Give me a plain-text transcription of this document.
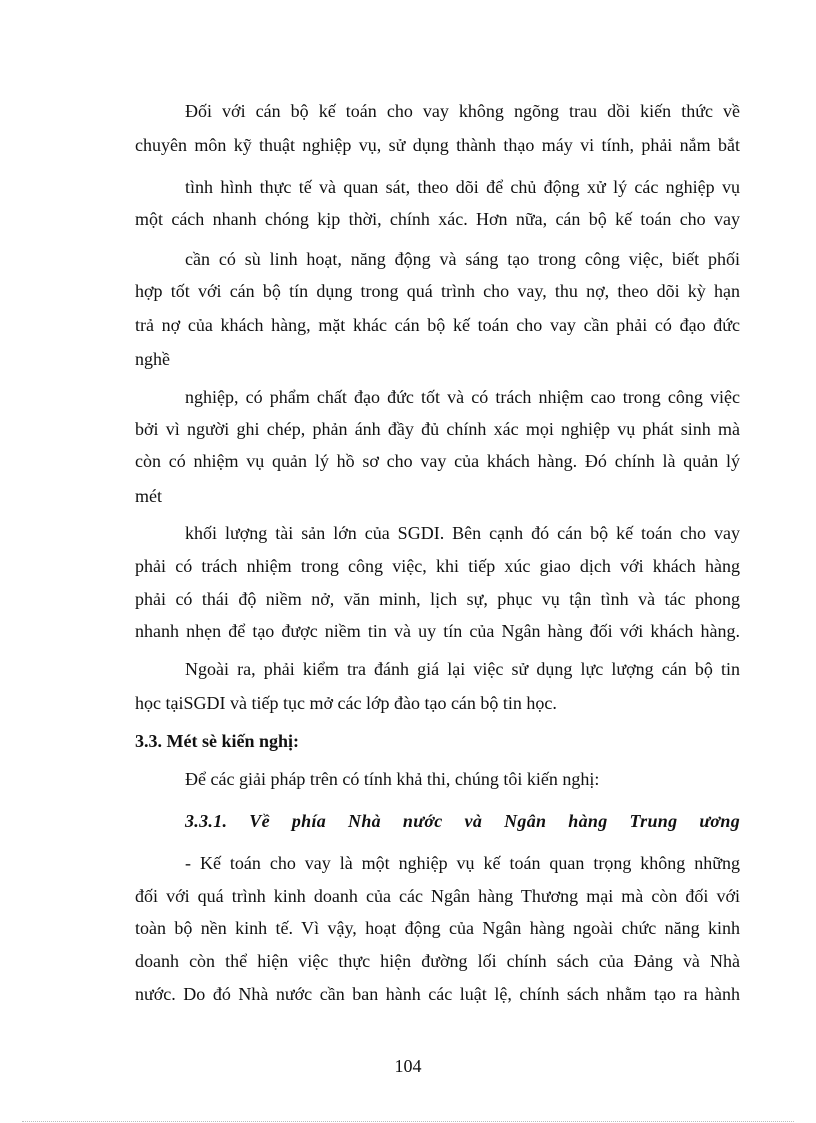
Đối với cán bộ kế toán cho vay không ngõng trau dồi kiến thức về
chuyên môn kỹ thuật nghiệp vụ, sử dụng thành thạo máy vi tính, phải nắm bắt
tình hình thực tế và quan sát, theo dõi để chủ động xử lý các nghiệp vụ
một cách nhanh chóng kịp thời, chính xác. Hơn nữa, cán bộ kế toán cho vay
cần có sù linh hoạt, năng động và sáng tạo trong công việc, biết phối
hợp tốt với cán bộ tín dụng trong quá trình cho vay, thu nợ, theo dõi kỳ hạn
trả nợ của khách hàng, mặt khác cán bộ kế toán cho vay cần phải có đạo đức
nghề
nghiệp, có phẩm chất đạo đức tốt và có trách nhiệm cao trong công việc
bởi vì người ghi chép, phản ánh đầy đủ chính xác mọi nghiệp vụ phát sinh mà
còn có nhiệm vụ quản lý hồ sơ cho vay của khách hàng. Đó chính là quản lý
mét
khối lượng tài sản lớn của SGDI. Bên cạnh đó cán bộ kế toán cho vay
phải có trách nhiệm trong công việc, khi tiếp xúc giao dịch với khách hàng
phải có thái độ niềm nở, văn minh, lịch sự, phục vụ tận tình và tác phong
nhanh nhẹn để tạo được niềm tin và uy tín của Ngân hàng đối với khách hàng.
Ngoài ra, phải kiểm tra đánh giá lại việc sử dụng lực lượng cán bộ tin
học tạiSGDI và tiếp tục mở các lớp đào tạo cán bộ tin học.
3.3. Mét sè kiến nghị:
Để các giải pháp trên có tính khả thi, chúng tôi kiến nghị:
3.3.1. Về phía Nhà nước và Ngân hàng Trung ương
- Kế toán cho vay là một nghiệp vụ kế toán quan trọng không những
đối với quá trình kinh doanh của các Ngân hàng Thương mại mà còn đối với
toàn bộ nền kinh tế. Vì vậy, hoạt động của Ngân hàng ngoài chức năng kinh
doanh còn thể hiện việc thực hiện đường lối chính sách của Đảng và Nhà
nước. Do đó Nhà nước cần ban hành các luật lệ, chính sách nhằm tạo ra hành
104
